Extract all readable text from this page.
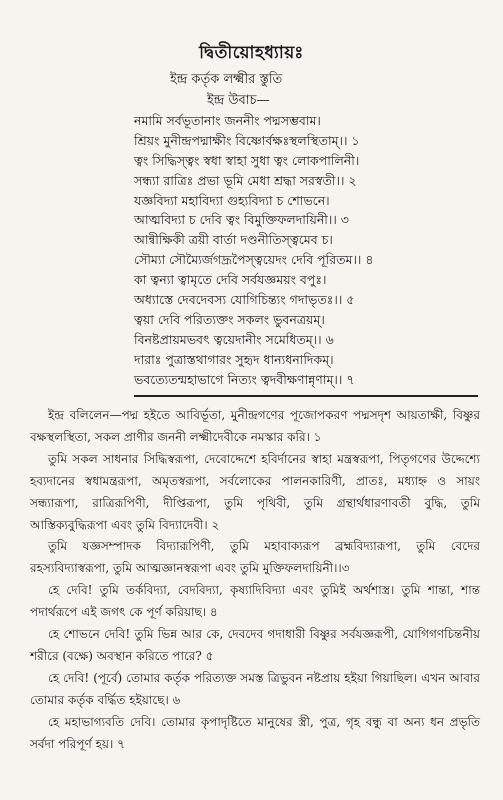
দ্বিতীয়োহধ্যায়ঃ
ইন্দ্র কর্তৃক লক্ষ্মীর স্তুতি
ইন্দ্র উবাচ—
নমামি সর্বভূতানাং জননীং পদ্মসম্ভবাম।
শ্রিয়ং মুনীন্দ্রপদ্মাক্ষীং বিষ্ণোর্বক্ষঃস্থলস্থিতাম্।। ১
ত্বং সিদ্ধিস্ত্বং স্বধা স্বাহা সুধা ত্বং লোকপালিনী।
সন্ধ্যা রাত্রিঃ প্রভা ভূমি মেধা শ্রদ্ধা সরস্বতী।। ২
যজ্ঞবিদ্যা মহাবিদ্যা গুহ্যবিদ্যা চ শোভনে।
আত্মবিদ্যা চ দেবি ত্বং বিমুক্তিফলদায়িনী।। ৩
আন্বীক্ষিকী ত্রয়ী বার্তা দণ্ডনীতিস্ত্বমেব চ।
সৌম্যা সৌম্যৈর্জগদ্রূপৈস্ত্বয়েদং দেবি পূরিতম।। ৪
কা ত্বন্যা ত্বামৃতে দেবি সর্বযজ্ঞময়ং বপুঃ।
অধ্যাস্তে দেবদেবস্য যোগিচিন্ত্যং গদাভৃতঃ।। ৫
ত্বয়া দেবি পরিত্যক্তং সকলং ভুবনত্রয়ম্।
বিনষ্টপ্রায়মভবৎ ত্বয়েদানীং সমেধিতম্।। ৬
দারাঃ পুত্রাস্তথাগারং সুহৃদ ধান্যধনাদিকম্।
ভবত্যেতন্মহাভাগে নিত্যং ত্বদবীক্ষণান্নৃণাম্।। ৭

ইন্দ্র বলিলেন—পদ্ম হইতে আবির্ভূতা, মুনীন্দ্রগণের পূজোপকরণ পদ্মসদৃশ আয়তাক্ষী, বিষ্ণুর বক্ষস্থলস্থিতা, সকল প্রাণীর জননী লক্ষ্মীদেবীকে নমস্কার করি। ১

তুমি সকল সাধনার সিদ্ধিস্বরূপা, দেবোদ্দেশে হবির্দানের স্বাহা মন্ত্রস্বরূপা, পিতৃগণের উদ্দেশ্যে হব্যদানের স্বধামন্ত্ররূপা, অমৃতস্বরূপা, সর্বলোকের পালনকারিণী, প্রাতঃ, মধ্যাহ্ন ও সায়ং সন্ধ্যারূপা, রাত্রিরূপিণী, দীপ্তিরূপা, তুমি পৃথিবী, তুমি গ্রন্থার্থধারণাবতী বুদ্ধি, তুমি আস্তিক্যবুদ্ধিরূপা এবং তুমি বিদ্যাদেবী। ২

তুমি যজ্ঞসম্পাদক বিদ্যারূপিণী, তুমি মহাবাক্যরূপ ব্রহ্মবিদ্যারূপা, তুমি বেদের রহস্যবিদ্যাস্বরূপা, তুমি আত্মজ্ঞানস্বরূপা এবং তুমি মুক্তিফলদায়িনী।।৩

হে দেবি! তুমি তর্কবিদ্যা, বেদবিদ্যা, কৃষ্যাদিবিদ্যা এবং তুমিই অর্থশাস্ত্র। তুমি শান্তা, শান্ত পদার্থরূপে এই জগৎ কে পূর্ণ করিয়াছ। ৪

হে শোভনে দেবি! তুমি ভিন্ন আর কে, দেবদেব গদাধারী বিষ্ণুর সর্বযজ্ঞরূপী, যোগিগণচিন্তনীয় শরীরে (বক্ষে) অবস্থান করিতে পারে? ৫

হে দেবি! (পূর্বে) তোমার কর্তৃক পরিত্যক্ত সমস্ত ত্রিভুবন নষ্টপ্রায় হইয়া গিয়াছিল। এখন আবার তোমার কর্তৃক বর্দ্ধিত হইয়াছে। ৬

হে মহাভাগ্যবতি দেবি। তোমার কৃপাদৃষ্টিতে মানুষের স্ত্রী, পুত্র, গৃহ বন্ধু বা অন্য ধন প্রভৃতি সর্বদা পরিপূর্ণ হয়। ৭
